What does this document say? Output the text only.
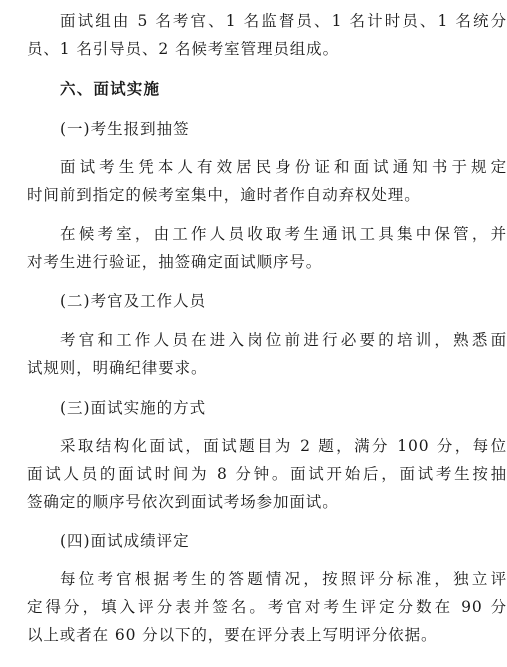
面试组由 5 名考官、1 名监督员、1 名计时员、1 名统分
员、1 名引导员、2 名候考室管理员组成。
六、面试实施
(一)考生报到抽签
面试考生凭本人有效居民身份证和面试通知书于规定
时间前到指定的候考室集中，逾时者作自动弃权处理。
在候考室，由工作人员收取考生通讯工具集中保管，并
对考生进行验证，抽签确定面试顺序号。
(二)考官及工作人员
考官和工作人员在进入岗位前进行必要的培训，熟悉面
试规则，明确纪律要求。
(三)面试实施的方式
采取结构化面试，面试题目为 2 题，满分 100 分，每位
面试人员的面试时间为 8 分钟。面试开始后，面试考生按抽
签确定的顺序号依次到面试考场参加面试。
(四)面试成绩评定
每位考官根据考生的答题情况，按照评分标准，独立评
定得分，填入评分表并签名。考官对考生评定分数在 90 分
以上或者在 60 分以下的，要在评分表上写明评分依据。
